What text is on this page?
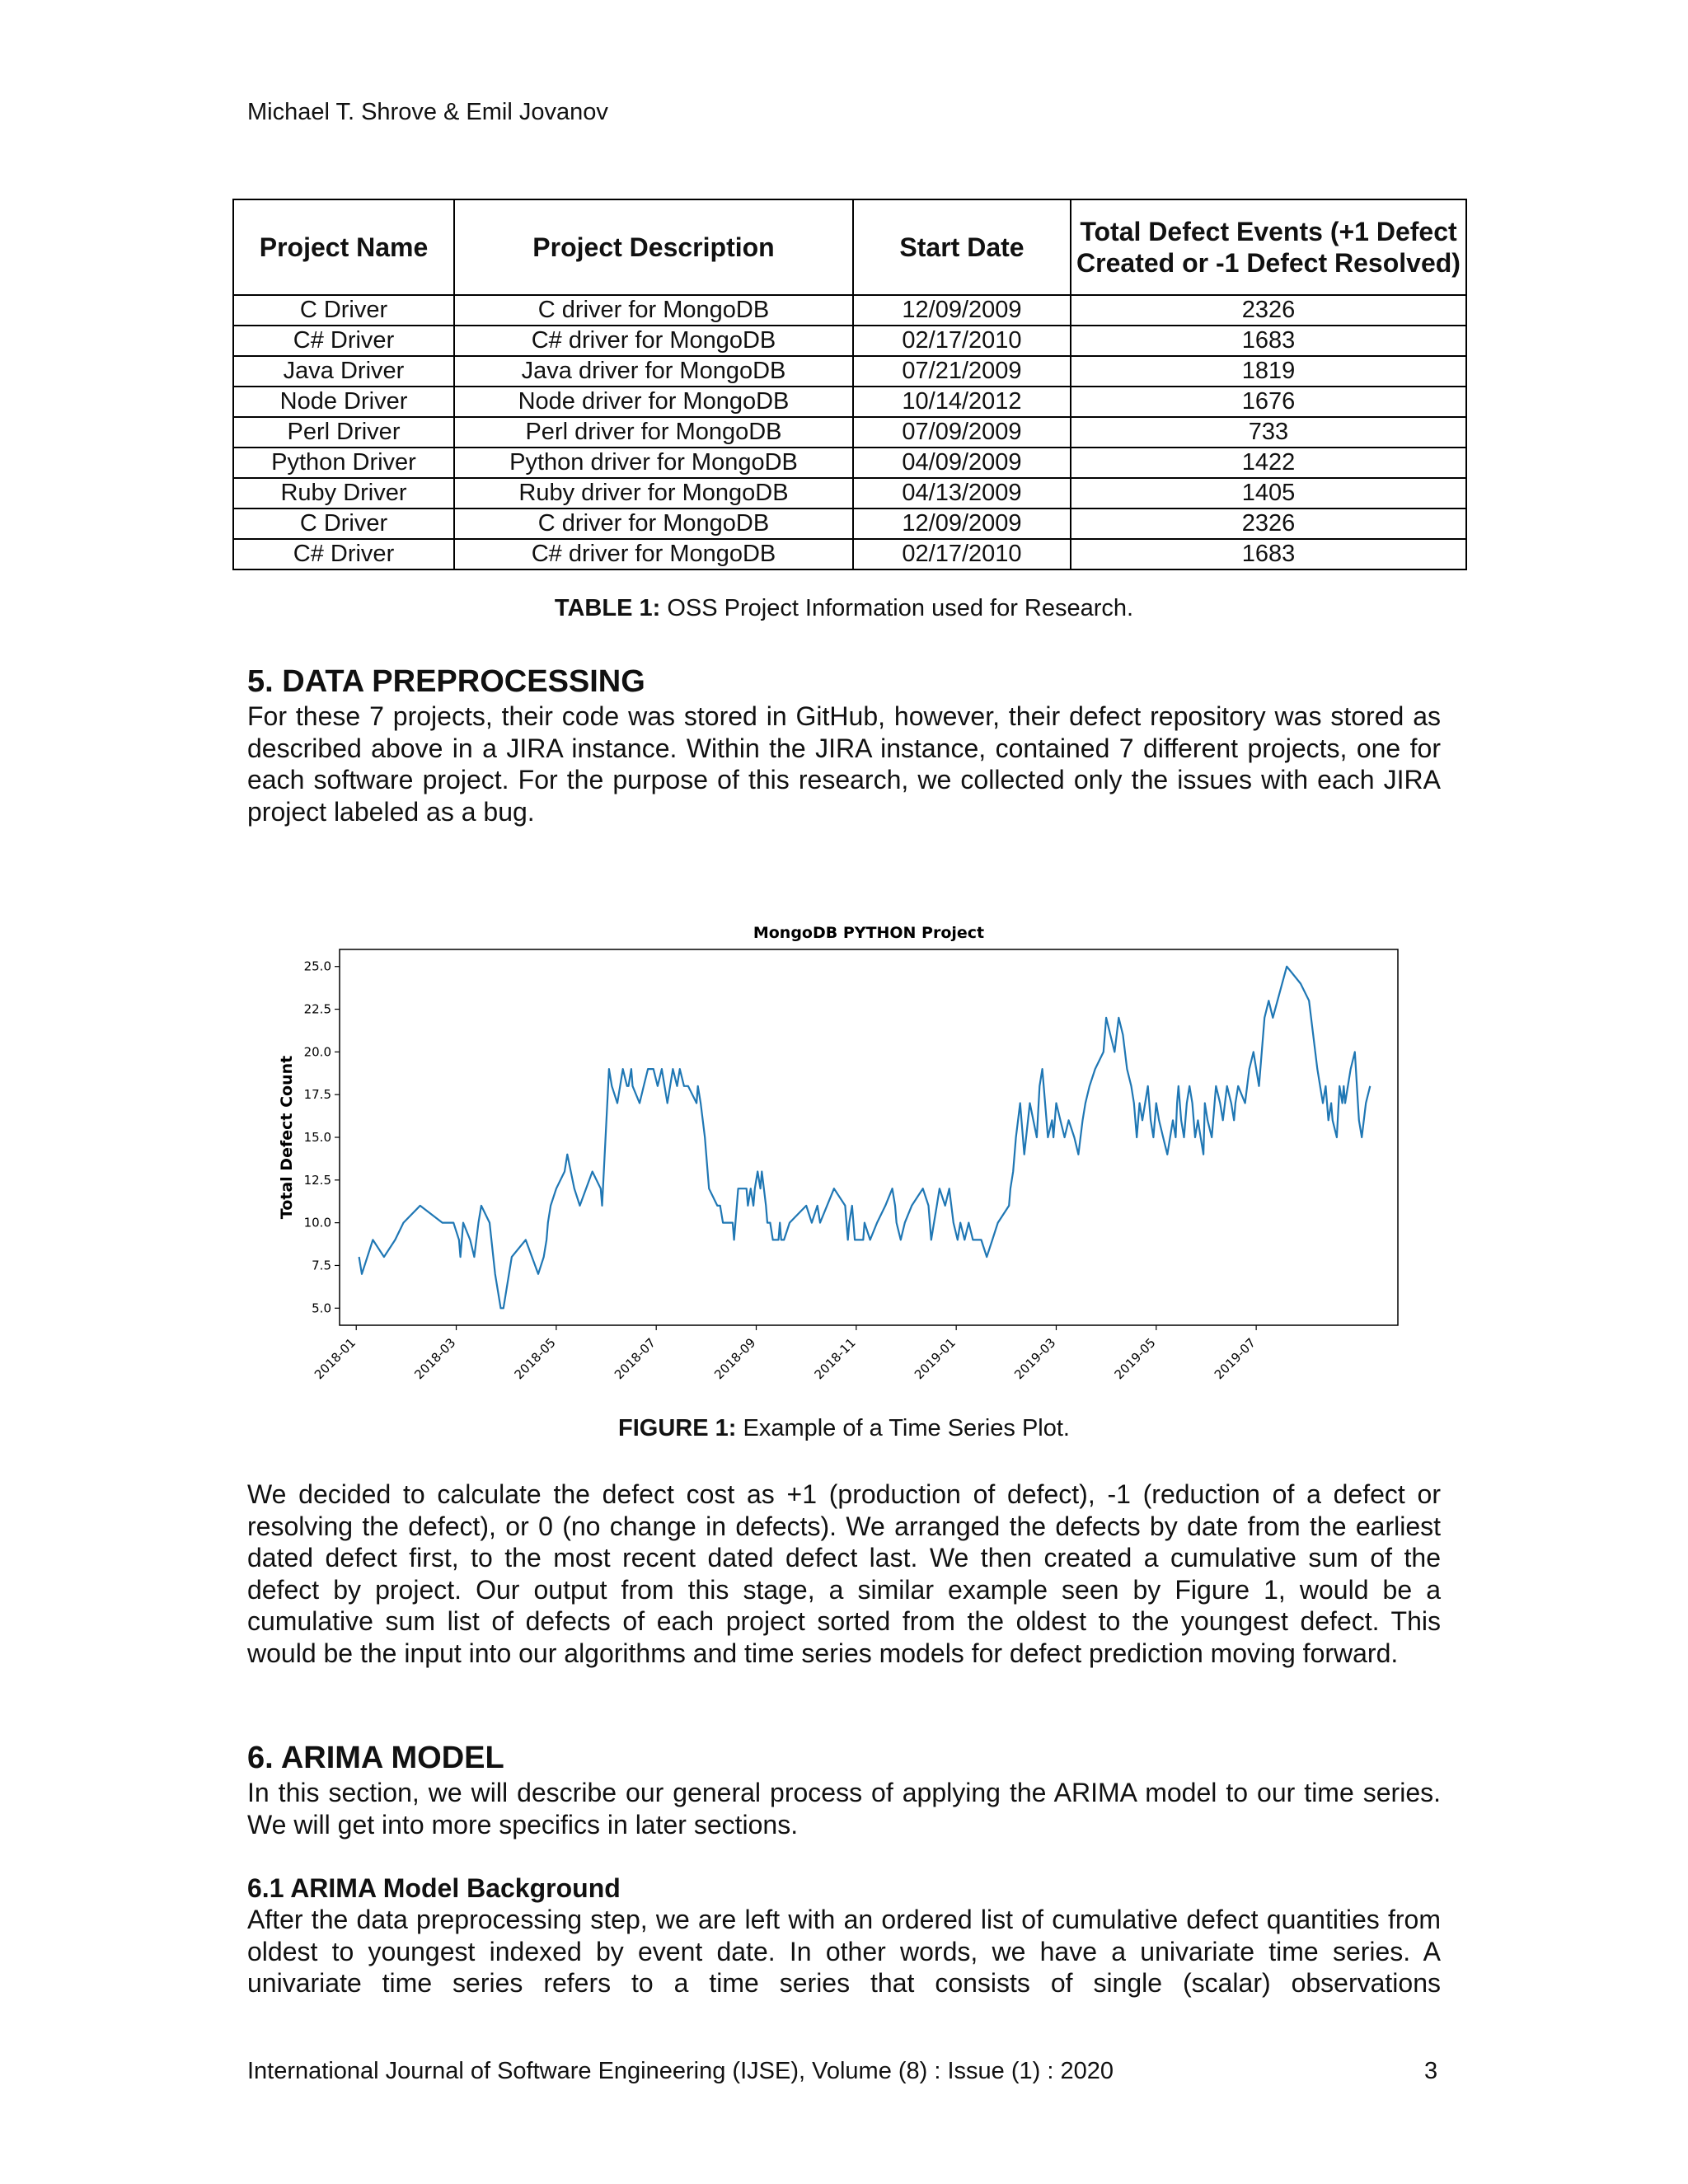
Michael T. Shrove & Emil Jovanov
Project Name	Project Description	Start Date	Total Defect Events (+1 Defect Created or -1 Defect Resolved)
C Driver	C driver for MongoDB	12/09/2009	2326
C# Driver	C# driver for MongoDB	02/17/2010	1683
Java Driver	Java driver for MongoDB	07/21/2009	1819
Node Driver	Node driver for MongoDB	10/14/2012	1676
Perl Driver	Perl driver for MongoDB	07/09/2009	733
Python Driver	Python driver for MongoDB	04/09/2009	1422
Ruby Driver	Ruby driver for MongoDB	04/13/2009	1405
C Driver	C driver for MongoDB	12/09/2009	2326
C# Driver	C# driver for MongoDB	02/17/2010	1683
TABLE 1: OSS Project Information used for Research.
5. DATA PREPROCESSING

For these 7 projects, their code was stored in GitHub, however, their defect repository was stored as described above in a JIRA instance. Within the JIRA instance, contained 7 different projects, one for each software project. For the purpose of this research, we collected only the issues with each JIRA project labeled as a bug.

MongoDB PYTHON Project
Total Defect Count
5.0
7.5
10.0
12.5
15.0
17.5
20.0
22.5
25.0
2018-01	2018-03	2018-05	2018-07	2018-09	2018-11	2019-01	2019-03	2019-05	2019-07
FIGURE 1: Example of a Time Series Plot.

We decided to calculate the defect cost as +1 (production of defect), -1 (reduction of a defect or resolving the defect), or 0 (no change in defects). We arranged the defects by date from the earliest dated defect first, to the most recent dated defect last. We then created a cumulative sum of the defect by project. Our output from this stage, a similar example seen by Figure 1, would be a cumulative sum list of defects of each project sorted from the oldest to the youngest defect. This would be the input into our algorithms and time series models for defect prediction moving forward.

6. ARIMA MODEL

In this section, we will describe our general process of applying the ARIMA model to our time series. We will get into more specifics in later sections.

6.1 ARIMA Model Background

After the data preprocessing step, we are left with an ordered list of cumulative defect quantities from oldest to youngest indexed by event date. In other words, we have a univariate time series. A univariate time series refers to a time series that consists of single (scalar) observations

International Journal of Software Engineering (IJSE), Volume (8) : Issue (1) : 2020	3
